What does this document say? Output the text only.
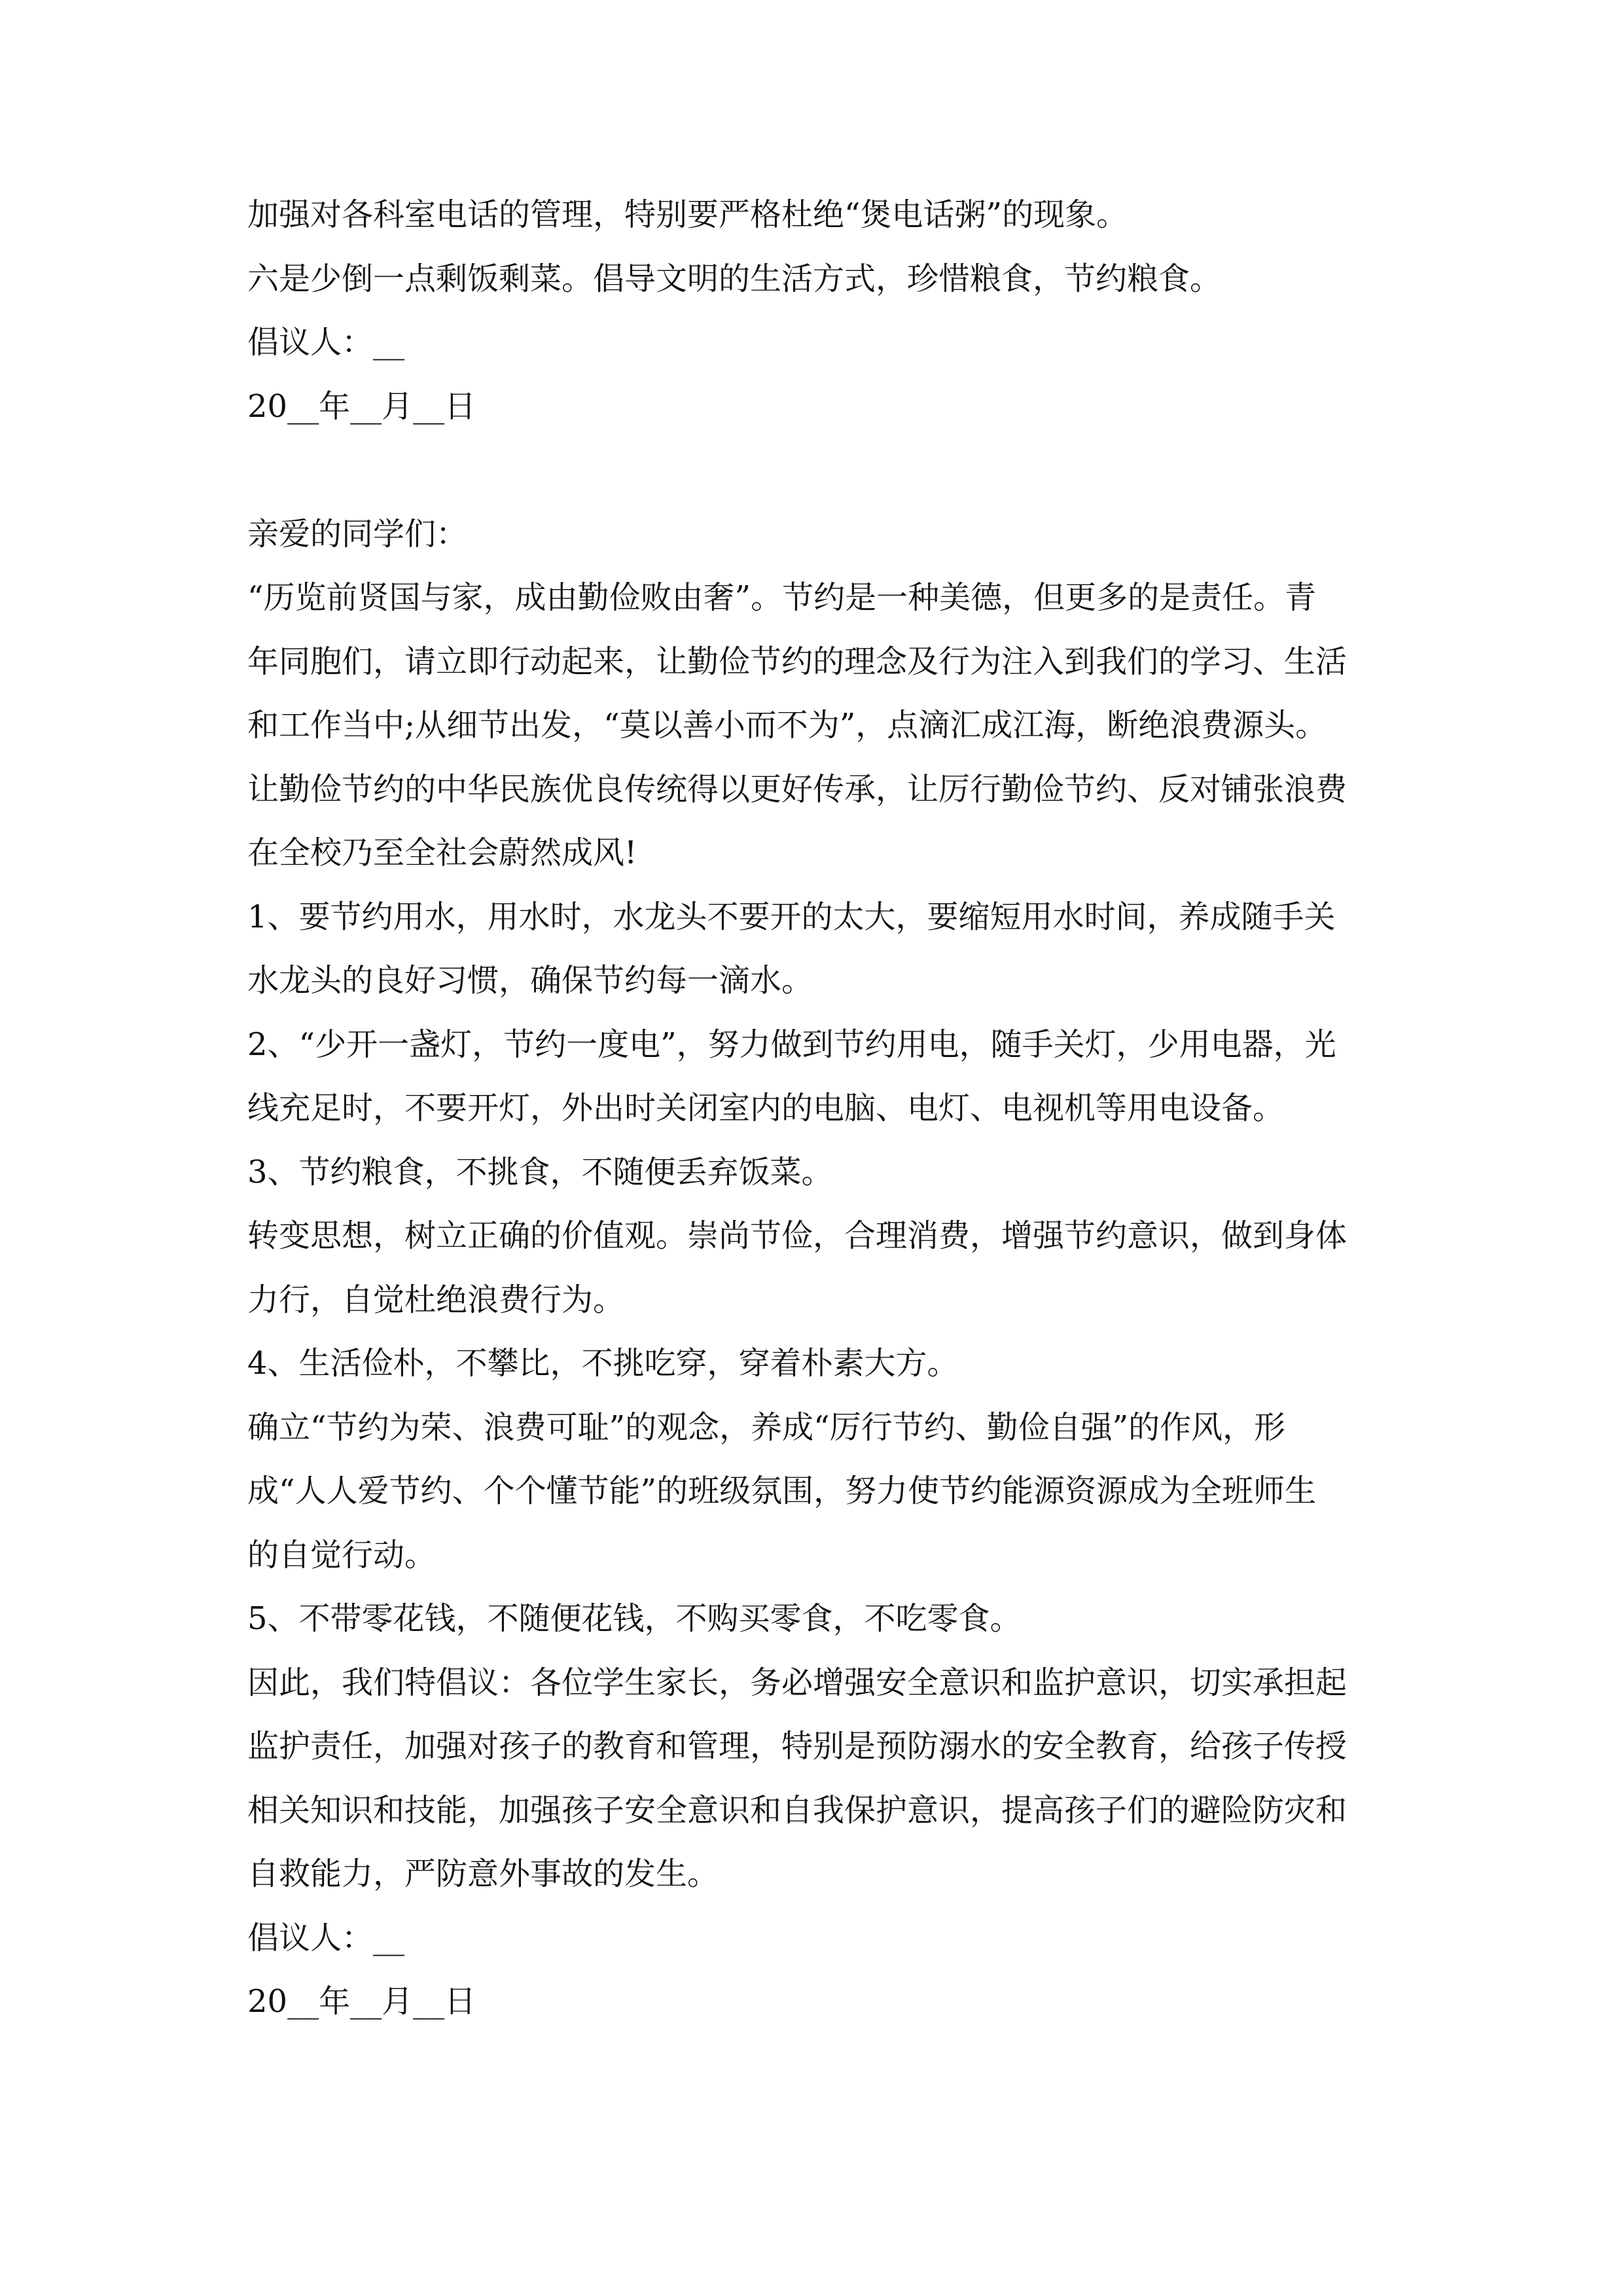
加强对各科室电话的管理，特别要严格杜绝“煲电话粥”的现象。

六是少倒一点剩饭剩菜。倡导文明的生活方式，珍惜粮食，节约粮食。

倡议人：__

20__年__月__日

亲爱的同学们：

“历览前贤国与家，成由勤俭败由奢”。节约是一种美德，但更多的是责任。青

年同胞们，请立即行动起来，让勤俭节约的理念及行为注入到我们的学习、生活

和工作当中;从细节出发，“莫以善小而不为”，点滴汇成江海，断绝浪费源头。

让勤俭节约的中华民族优良传统得以更好传承，让厉行勤俭节约、反对铺张浪费

在全校乃至全社会蔚然成风!

1、要节约用水，用水时，水龙头不要开的太大，要缩短用水时间，养成随手关

水龙头的良好习惯，确保节约每一滴水。

2、“少开一盏灯，节约一度电”，努力做到节约用电，随手关灯，少用电器，光

线充足时，不要开灯，外出时关闭室内的电脑、电灯、电视机等用电设备。

3、节约粮食，不挑食，不随便丢弃饭菜。

转变思想，树立正确的价值观。崇尚节俭，合理消费，增强节约意识，做到身体

力行，自觉杜绝浪费行为。

4、生活俭朴，不攀比，不挑吃穿，穿着朴素大方。

确立“节约为荣、浪费可耻”的观念，养成“厉行节约、勤俭自强”的作风，形

成“人人爱节约、个个懂节能”的班级氛围，努力使节约能源资源成为全班师生

的自觉行动。

5、不带零花钱，不随便花钱，不购买零食，不吃零食。

因此，我们特倡议：各位学生家长，务必增强安全意识和监护意识，切实承担起

监护责任，加强对孩子的教育和管理，特别是预防溺水的安全教育，给孩子传授

相关知识和技能，加强孩子安全意识和自我保护意识，提高孩子们的避险防灾和

自救能力，严防意外事故的发生。

倡议人：__

20__年__月__日
